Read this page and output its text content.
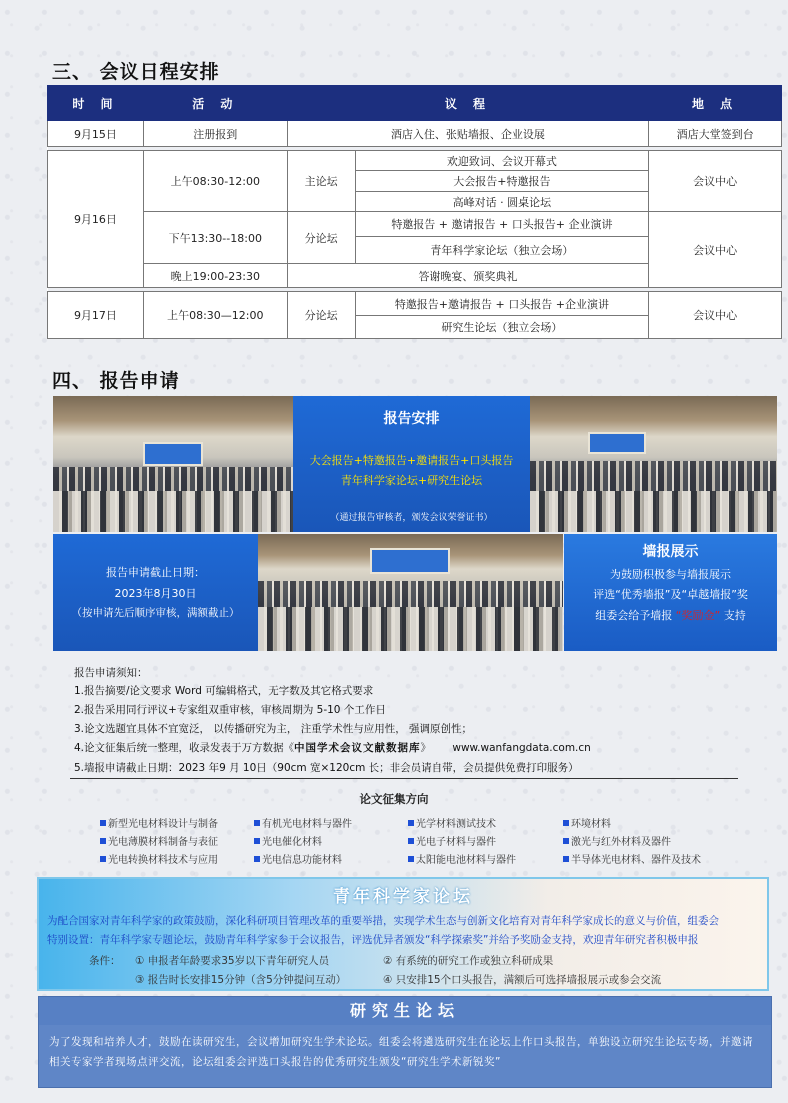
三、 会议日程安排
时 间	活 动	议 程		地 点
9月15日	注册报到	酒店入住、张贴墙报、企业设展		酒店大堂签到台

9月16日	上午08:30-12:00	主论坛	欢迎致词、会议开幕式	会议中心
			大会报告+特邀报告	
			高峰对话 · 圆桌论坛	
	下午13:30--18:00	分论坛	特邀报告 + 邀请报告 + 口头报告+ 企业演讲	会议中心
			青年科学家论坛（独立会场）	
	晚上19:00-23:30	答谢晚宴、颁奖典礼		

9月17日	上午08:30—12:00	分论坛	特邀报告+邀请报告 + 口头报告 +企业演讲	会议中心
			研究生论坛（独立会场）	
四、 报告申请
报告安排
大会报告+特邀报告+邀请报告+口头报告
青年科学家论坛+研究生论坛
（通过报告审核者，颁发会议荣誉证书）
报告申请截止日期：
2023年8月30日
（按申请先后顺序审核，满额截止）
墙报展示
为鼓励积极参与墙报展示
评选“优秀墙报”及“卓越墙报”奖
组委会给予墙报 “奖励金” 支持
报告申请须知：
1.报告摘要/论文要求 Word 可编辑格式，无字数及其它格式要求
2.报告采用同行评议+专家组双重审核，审核周期为 5-10 个工作日
3.论文选题宜具体不宜宽泛， 以传播研究为主， 注重学术性与应用性， 强调原创性；
4.论文征集后统一整理，收录发表于万方数据《中国学术会议文献数据库》 www.wanfangdata.com.cn
5.墙报申请截止日期：2023 年9 月 10日（90cm 宽×120cm 长；非会员请自带，会员提供免费打印服务）
论文征集方向
新型光电材料设计与制备	有机光电材料与器件	光学材料测试技术	环境材料
光电薄膜材料制备与表征	光电催化材料	光电子材料与器件	激光与红外材料及器件
光电转换材料技术与应用	光电信息功能材料	太阳能电池材料与器件	半导体光电材料、器件及技术
青年科学家论坛
为配合国家对青年科学家的政策鼓励，深化科研项目管理改革的重要举措，实现学术生态与创新文化培育对青年科学家成长的意义与价值，组委会
特别设置：青年科学家专题论坛，鼓励青年科学家参于会议报告，评选优异者颁发“科学探索奖”并给予奖励金支持，欢迎青年研究者积极申报
条件： ① 申报者年龄要求35岁以下青年研究人员	② 有系统的研究工作或独立科研成果
③ 报告时长安排15分钟（含5分钟提问互动）	④ 只安排15个口头报告，满额后可选择墙报展示或参会交流
研究生论坛
为了发现和培养人才，鼓励在读研究生，会议增加研究生学术论坛。组委会将遴选研究生在论坛上作口头报告，单独设立研究生论坛专场，并邀请相关专家学者现场点评交流，论坛组委会评选口头报告的优秀研究生颁发“研究生学术新锐奖”
